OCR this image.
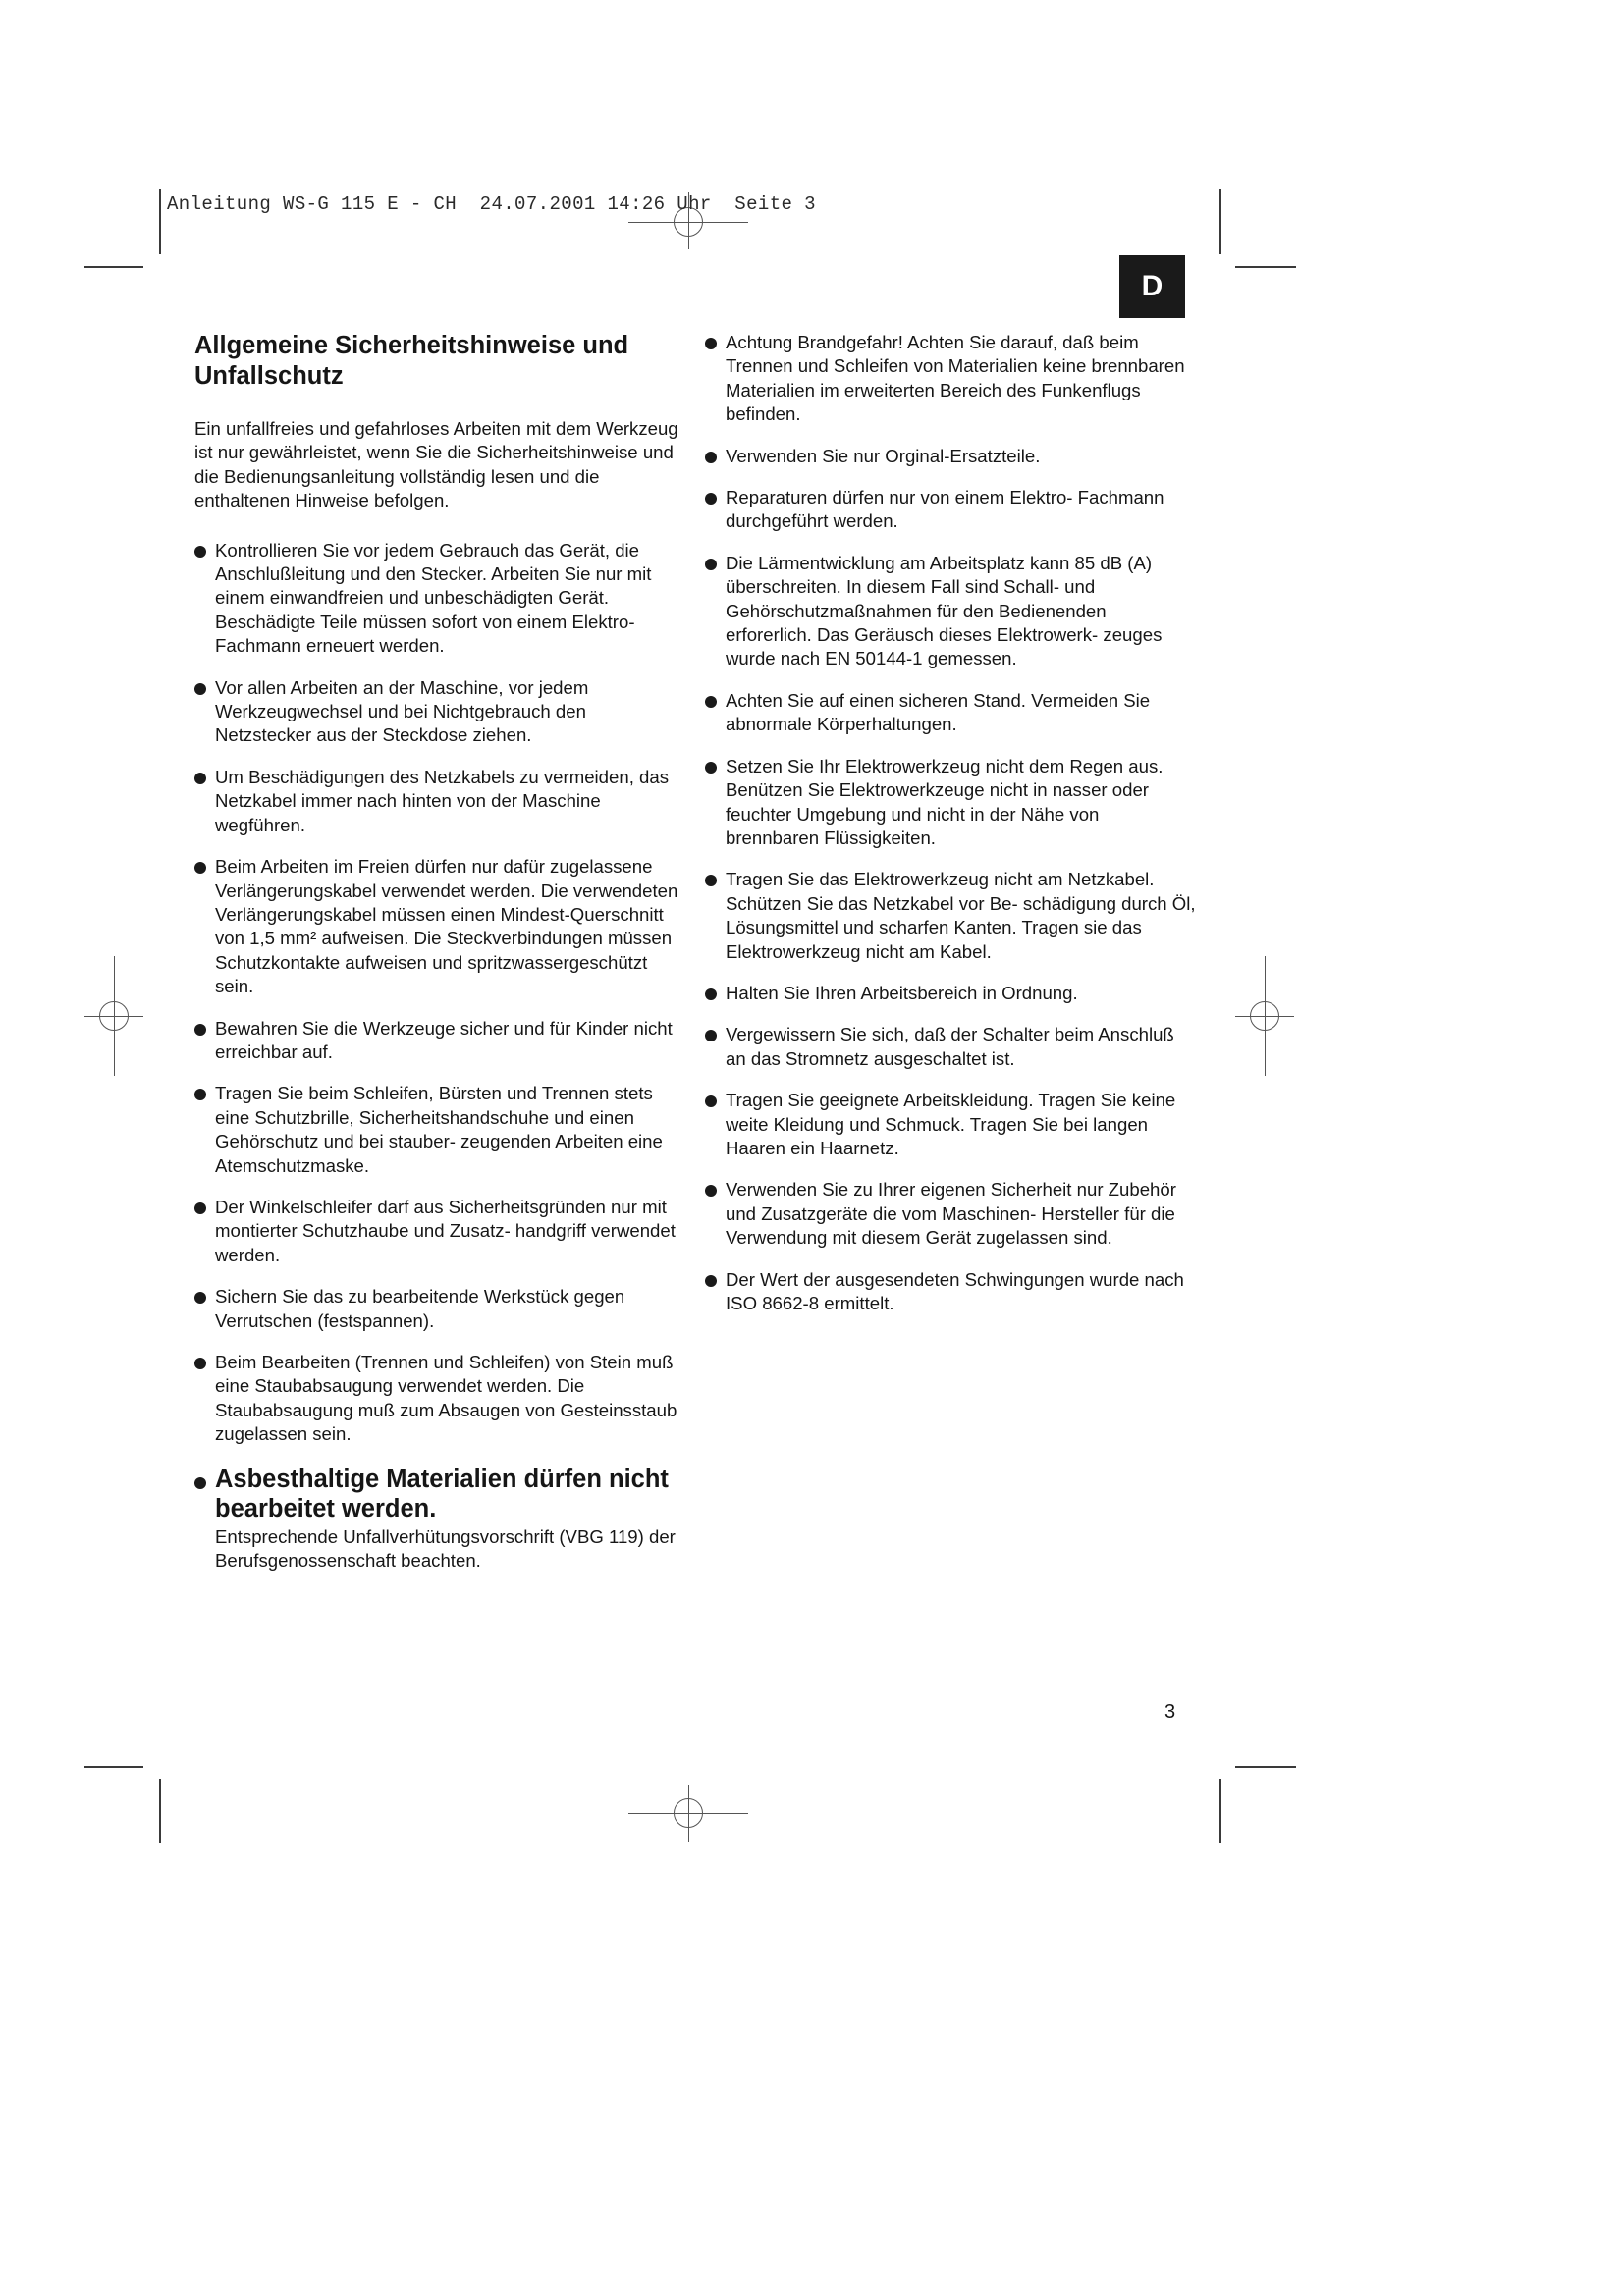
Anleitung WS-G 115 E - CH  24.07.2001 14:26 Uhr  Seite 3
D
Allgemeine Sicherheitshinweise und Unfallschutz
Ein unfallfreies und gefahrloses Arbeiten mit dem Werkzeug ist nur gewährleistet, wenn Sie die Sicherheitshinweise und die Bedienungsanleitung vollständig lesen und die enthaltenen Hinweise befolgen.
Kontrollieren Sie vor jedem Gebrauch das Gerät, die Anschlußleitung und den Stecker. Arbeiten Sie nur mit einem einwandfreien und unbeschädigten Gerät. Beschädigte Teile müssen sofort von einem Elektro-Fachmann erneuert werden.
Vor allen Arbeiten an der Maschine, vor jedem Werkzeugwechsel und bei Nichtgebrauch den Netzstecker aus der Steckdose ziehen.
Um Beschädigungen des Netzkabels zu vermeiden, das Netzkabel immer nach hinten von der Maschine wegführen.
Beim Arbeiten im Freien dürfen nur dafür zugelassene Verlängerungskabel verwendet werden. Die verwendeten Verlängerungskabel müssen einen Mindest-Querschnitt von 1,5 mm² aufweisen. Die Steckverbindungen müssen Schutzkontakte aufweisen und spritzwassergeschützt sein.
Bewahren Sie die Werkzeuge sicher und für Kinder nicht erreichbar auf.
Tragen Sie beim Schleifen, Bürsten und Trennen stets eine Schutzbrille, Sicherheitshandschuhe und einen Gehörschutz und bei stauber- zeugenden Arbeiten eine Atemschutzmaske.
Der Winkelschleifer darf aus Sicherheitsgründen nur mit montierter Schutzhaube und Zusatz- handgriff verwendet werden.
Sichern Sie das zu bearbeitende Werkstück gegen Verrutschen (festspannen).
Beim Bearbeiten (Trennen und Schleifen) von Stein muß eine Staubabsaugung verwendet werden. Die Staubabsaugung muß zum Absaugen von Gesteinsstaub zugelassen sein.
Asbesthaltige Materialien dürfen nicht bearbeitet werden.
Entsprechende Unfallverhütungsvorschrift (VBG 119) der Berufsgenossenschaft beachten.
Achtung Brandgefahr! Achten Sie darauf, daß beim Trennen und Schleifen von Materialien keine brennbaren Materialien im erweiterten Bereich des Funkenflugs befinden.
Verwenden Sie nur Orginal-Ersatzteile.
Reparaturen dürfen nur von einem Elektro- Fachmann durchgeführt werden.
Die Lärmentwicklung am Arbeitsplatz kann 85 dB (A) überschreiten. In diesem Fall sind Schall- und Gehörschutzmaßnahmen für den Bedienenden erforerlich. Das Geräusch dieses Elektrowerk- zeuges wurde nach EN 50144-1 gemessen.
Achten Sie auf einen sicheren Stand. Vermeiden Sie abnormale Körperhaltungen.
Setzen Sie Ihr Elektrowerkzeug nicht dem Regen aus. Benützen Sie Elektrowerkzeuge nicht in nasser oder feuchter Umgebung und nicht in der Nähe von brennbaren Flüssigkeiten.
Tragen Sie das Elektrowerkzeug nicht am Netzkabel. Schützen Sie das Netzkabel vor Be- schädigung durch Öl, Lösungsmittel und scharfen Kanten. Tragen sie das Elektrowerkzeug nicht am Kabel.
Halten Sie Ihren Arbeitsbereich in Ordnung.
Vergewissern Sie sich, daß der Schalter beim Anschluß an das Stromnetz ausgeschaltet ist.
Tragen Sie geeignete Arbeitskleidung. Tragen Sie keine weite Kleidung und Schmuck. Tragen Sie bei langen Haaren ein Haarnetz.
Verwenden Sie zu Ihrer eigenen Sicherheit nur Zubehör und Zusatzgeräte die vom Maschinen- Hersteller für die Verwendung mit diesem Gerät zugelassen sind.
Der Wert der ausgesendeten Schwingungen wurde nach ISO 8662-8 ermittelt.
3
